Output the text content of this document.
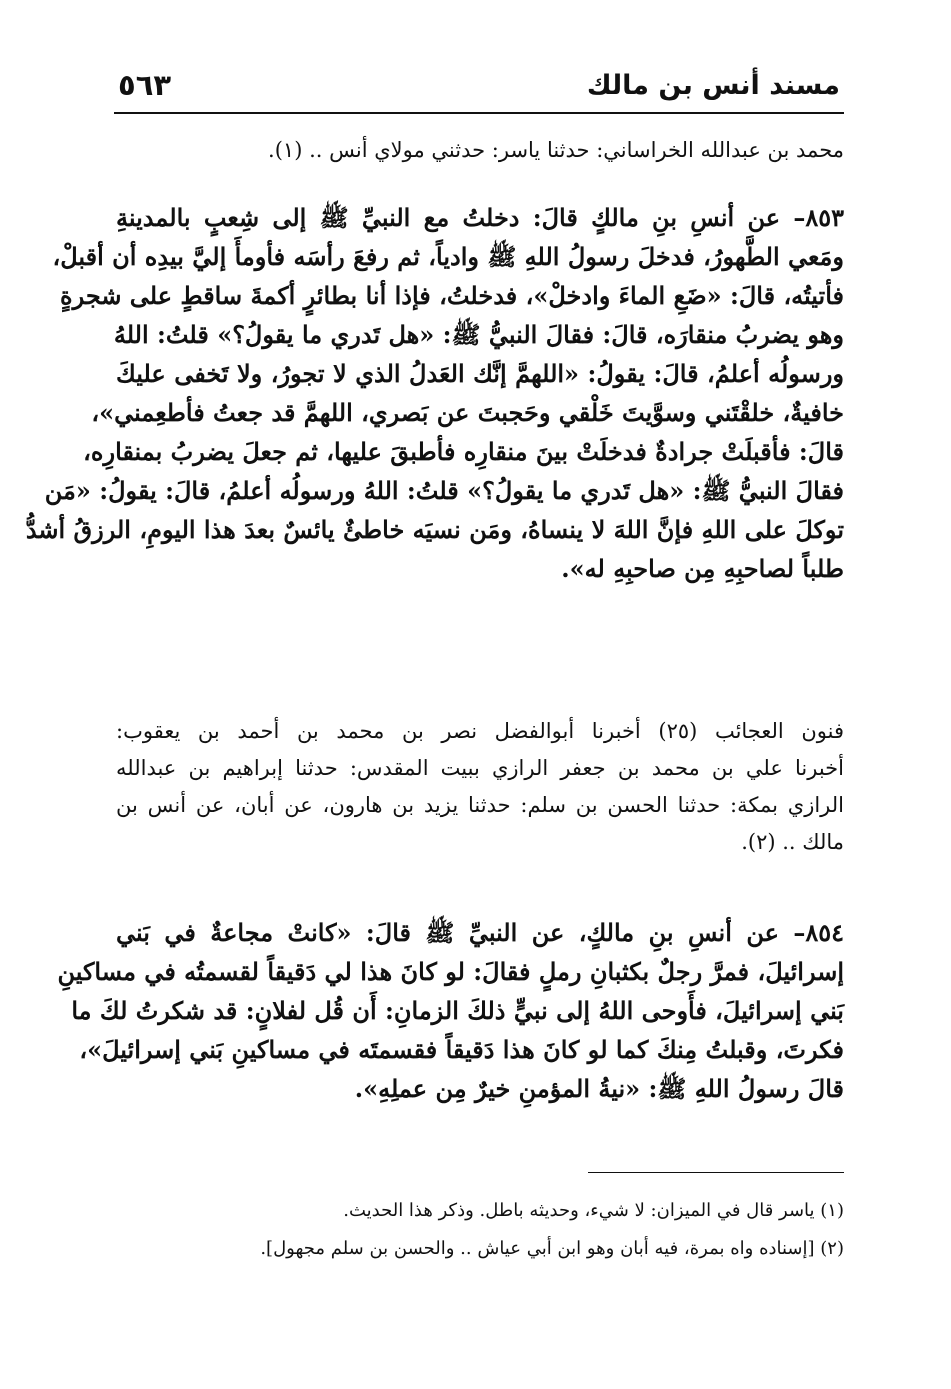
مسند أنس بن مالك
٥٦٣
محمد بن عبدالله الخراساني: حدثنا ياسر: حدثني مولاي أنس .. (١).
٨٥٣– عن أنسِ بنِ مالكٍ قالَ: دخلتُ مع النبيِّ ﷺ إلى شِعبٍ بالمدينةِ
ومَعي الطَّهورُ، فدخلَ رسولُ اللهِ ﷺ وادياً، ثم رفعَ رأسَه فأومأَ إليَّ بيدِه أن أقبلْ،
فأتيتُه، قالَ: «ضَعِ الماءَ وادخلْ»، فدخلتُ، فإذا أنا بطائرٍ أكمةَ ساقطٍ على شجرةٍ
وهو يضربُ منقارَه، قالَ: فقالَ النبيُّ ﷺ: «هل تَدري ما يقولُ؟» قلتُ: اللهُ
ورسولُه أعلمُ، قالَ: يقولُ: «اللهمَّ إنَّك العَدلُ الذي لا تجورُ، ولا تَخفى عليكَ
خافيةٌ، خلقْتَني وسوَّيتَ خَلْقي وحَجبتَ عن بَصري، اللهمَّ قد جعتُ فأطعِمني»،
قالَ: فأقبلَتْ جرادةٌ فدخلَتْ بينَ منقارِه فأطبقَ عليها، ثم جعلَ يضربُ بمنقارِه،
فقالَ النبيُّ ﷺ: «هل تَدري ما يقولُ؟» قلتُ: اللهُ ورسولُه أعلمُ، قالَ: يقولُ: «مَن
توكلَ على اللهِ فإنَّ اللهَ لا ينساهُ، ومَن نسيَه خاطئٌ يائسٌ بعدَ هذا اليومِ، الرزقُ أشدُّ
طلباً لصاحبِهِ مِن صاحبِهِ له».
فنون العجائب (٢٥) أخبرنا أبوالفضل نصر بن محمد بن أحمد بن يعقوب:
أخبرنا علي بن محمد بن جعفر الرازي ببيت المقدس: حدثنا إبراهيم بن عبدالله
الرازي بمكة: حدثنا الحسن بن سلم: حدثنا يزيد بن هارون، عن أبان، عن أنس بن
مالك .. (٢).
٨٥٤– عن أنسِ بنِ مالكٍ، عن النبيِّ ﷺ قالَ: «كانتْ مجاعةٌ في بَني
إسرائيلَ، فمرَّ رجلٌ بكثبانِ رملٍ فقالَ: لو كانَ هذا لي دَقيقاً لقسمتُه في مساكينِ
بَني إسرائيلَ، فأَوحى اللهُ إلى نبيٍّ ذلكَ الزمانِ: أَن قُل لفلانٍ: قد شكرتُ لكَ ما
فكرتَ، وقبلتُ مِنكَ كما لو كانَ هذا دَقيقاً فقسمتَه في مساكينِ بَني إسرائيلَ»،
قالَ رسولُ اللهِ ﷺ: «نيةُ المؤمنِ خيرٌ مِن عملِهِ».
(١) ياسر قال في الميزان: لا شيء، وحديثه باطل. وذكر هذا الحديث.
(٢) [إسناده واه بمرة، فيه أبان وهو ابن أبي عياش .. والحسن بن سلم مجهول].
